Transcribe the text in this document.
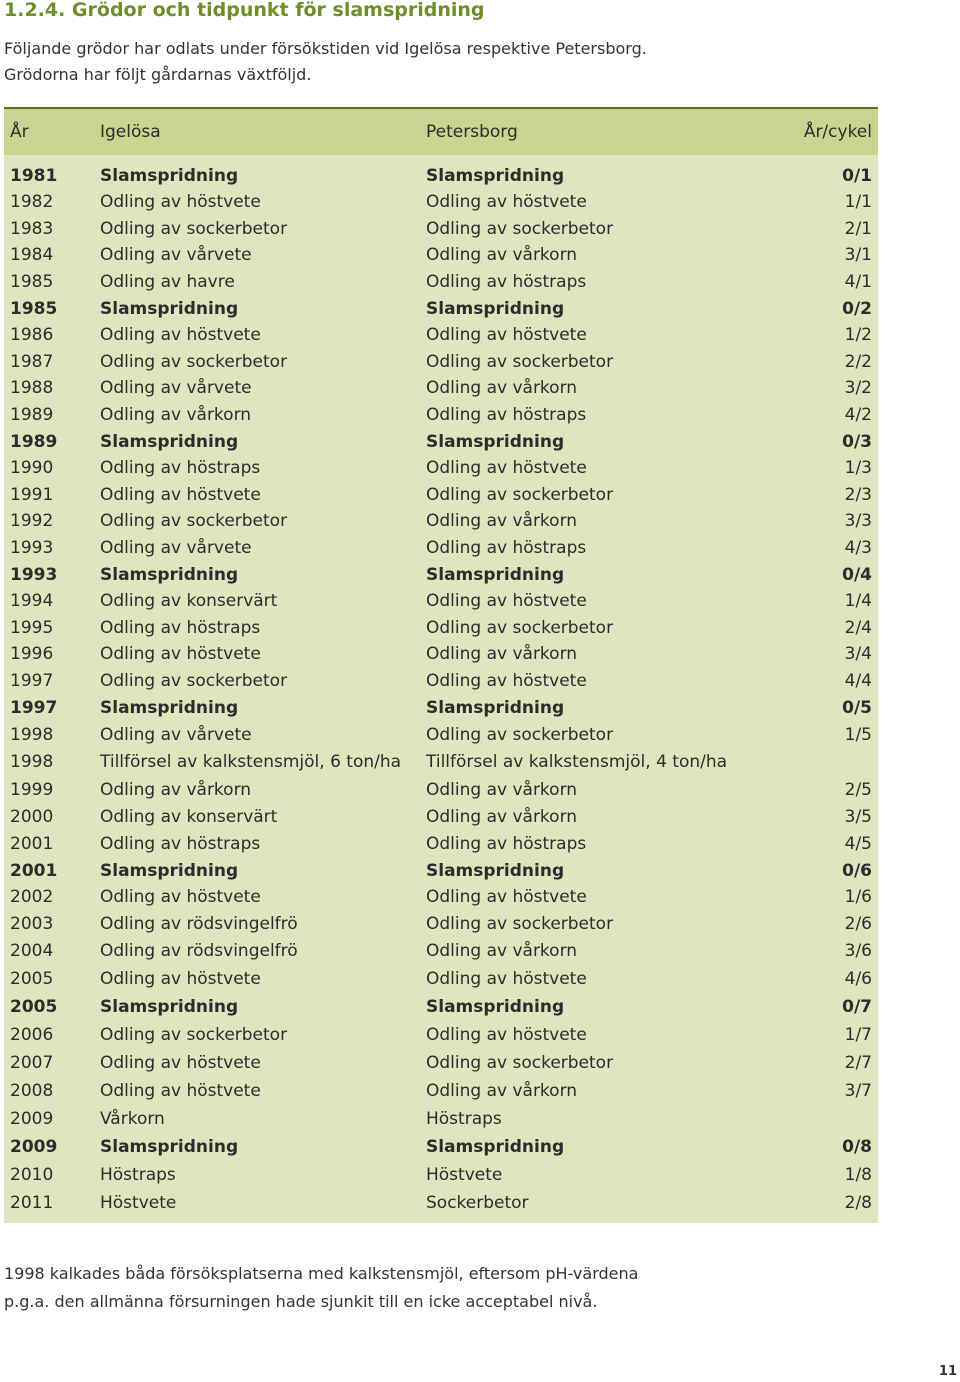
1.2.4. Grödor och tidpunkt för slamspridning
Följande grödor har odlats under försökstiden vid Igelösa respektive Petersborg.
Grödorna har följt gårdarnas växtföljd.
År	Igelösa	Petersborg	År/cykel
1981	Slamspridning	Slamspridning	0/1
1982	Odling av höstvete	Odling av höstvete	1/1
1983	Odling av sockerbetor	Odling av sockerbetor	2/1
1984	Odling av vårvete	Odling av vårkorn	3/1
1985	Odling av havre	Odling av höstraps	4/1
1985	Slamspridning	Slamspridning	0/2
1986	Odling av höstvete	Odling av höstvete	1/2
1987	Odling av sockerbetor	Odling av sockerbetor	2/2
1988	Odling av vårvete	Odling av vårkorn	3/2
1989	Odling av vårkorn	Odling av höstraps	4/2
1989	Slamspridning	Slamspridning	0/3
1990	Odling av höstraps	Odling av höstvete	1/3
1991	Odling av höstvete	Odling av sockerbetor	2/3
1992	Odling av sockerbetor	Odling av vårkorn	3/3
1993	Odling av vårvete	Odling av höstraps	4/3
1993	Slamspridning	Slamspridning	0/4
1994	Odling av konservärt	Odling av höstvete	1/4
1995	Odling av höstraps	Odling av sockerbetor	2/4
1996	Odling av höstvete	Odling av vårkorn	3/4
1997	Odling av sockerbetor	Odling av höstvete	4/4
1997	Slamspridning	Slamspridning	0/5
1998	Odling av vårvete	Odling av sockerbetor	1/5
1998	Tillförsel av kalkstensmjöl, 6 ton/ha	Tillförsel av kalkstensmjöl, 4 ton/ha	
1999	Odling av vårkorn	Odling av vårkorn	2/5
2000	Odling av konservärt	Odling av vårkorn	3/5
2001	Odling av höstraps	Odling av höstraps	4/5
2001	Slamspridning	Slamspridning	0/6
2002	Odling av höstvete	Odling av höstvete	1/6
2003	Odling av rödsvingelfrö	Odling av sockerbetor	2/6
2004	Odling av rödsvingelfrö	Odling av vårkorn	3/6
2005	Odling av höstvete	Odling av höstvete	4/6
2005	Slamspridning	Slamspridning	0/7
2006	Odling av sockerbetor	Odling av höstvete	1/7
2007	Odling av höstvete	Odling av sockerbetor	2/7
2008	Odling av höstvete	Odling av vårkorn	3/7
2009	Vårkorn	Höstraps	
2009	Slamspridning	Slamspridning	0/8
2010	Höstraps	Höstvete	1/8
2011	Höstvete	Sockerbetor	2/8
1998 kalkades båda försöksplatserna med kalkstensmjöl, eftersom pH-värdena
p.g.a. den allmänna försurningen hade sjunkit till en icke acceptabel nivå.
11
